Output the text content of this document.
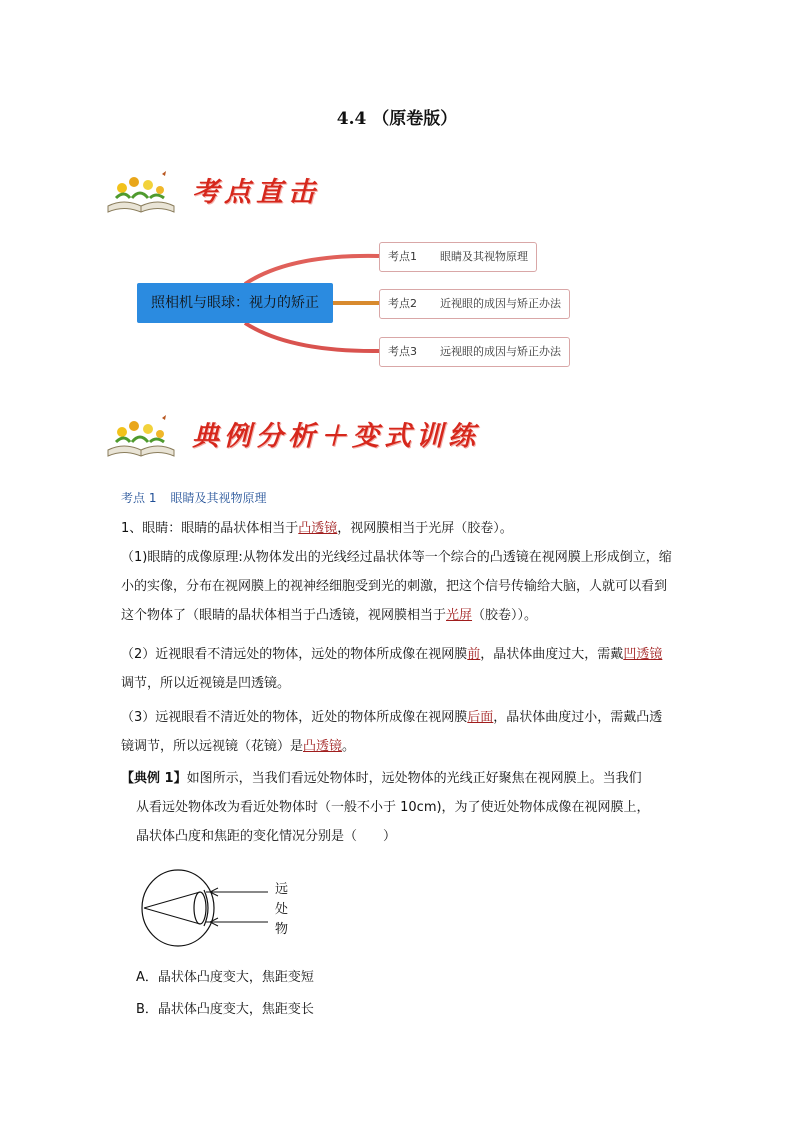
4.4 （原卷版）
考点直击
照相机与眼球：视力的矫正
考点1 眼睛及其视物原理
考点2 近视眼的成因与矫正办法
考点3 远视眼的成因与矫正办法
典例分析＋变式训练
考点 1 眼睛及其视物原理
1、眼睛：眼睛的晶状体相当于凸透镜，视网膜相当于光屏（胶卷）。
（1)眼睛的成像原理:从物体发出的光线经过晶状体等一个综合的凸透镜在视网膜上形成倒立，缩小的实像，分布在视网膜上的视神经细胞受到光的刺激，把这个信号传输给大脑，人就可以看到这个物体了（眼睛的晶状体相当于凸透镜，视网膜相当于光屏（胶卷））。
（2）近视眼看不清远处的物体，远处的物体所成像在视网膜前，晶状体曲度过大，需戴凹透镜调节，所以近视镜是凹透镜。
（3）远视眼看不清近处的物体，近处的物体所成像在视网膜后面，晶状体曲度过小，需戴凸透镜调节，所以远视镜（花镜）是凸透镜。
【典例 1】如图所示，当我们看远处物体时，远处物体的光线正好聚焦在视网膜上。当我们
从看远处物体改为看近处物体时（一般不小于 10cm)，为了使近处物体成像在视网膜上，
晶状体凸度和焦距的变化情况分别是（　　）
远
处
物
A．晶状体凸度变大，焦距变短
B．晶状体凸度变大，焦距变长
